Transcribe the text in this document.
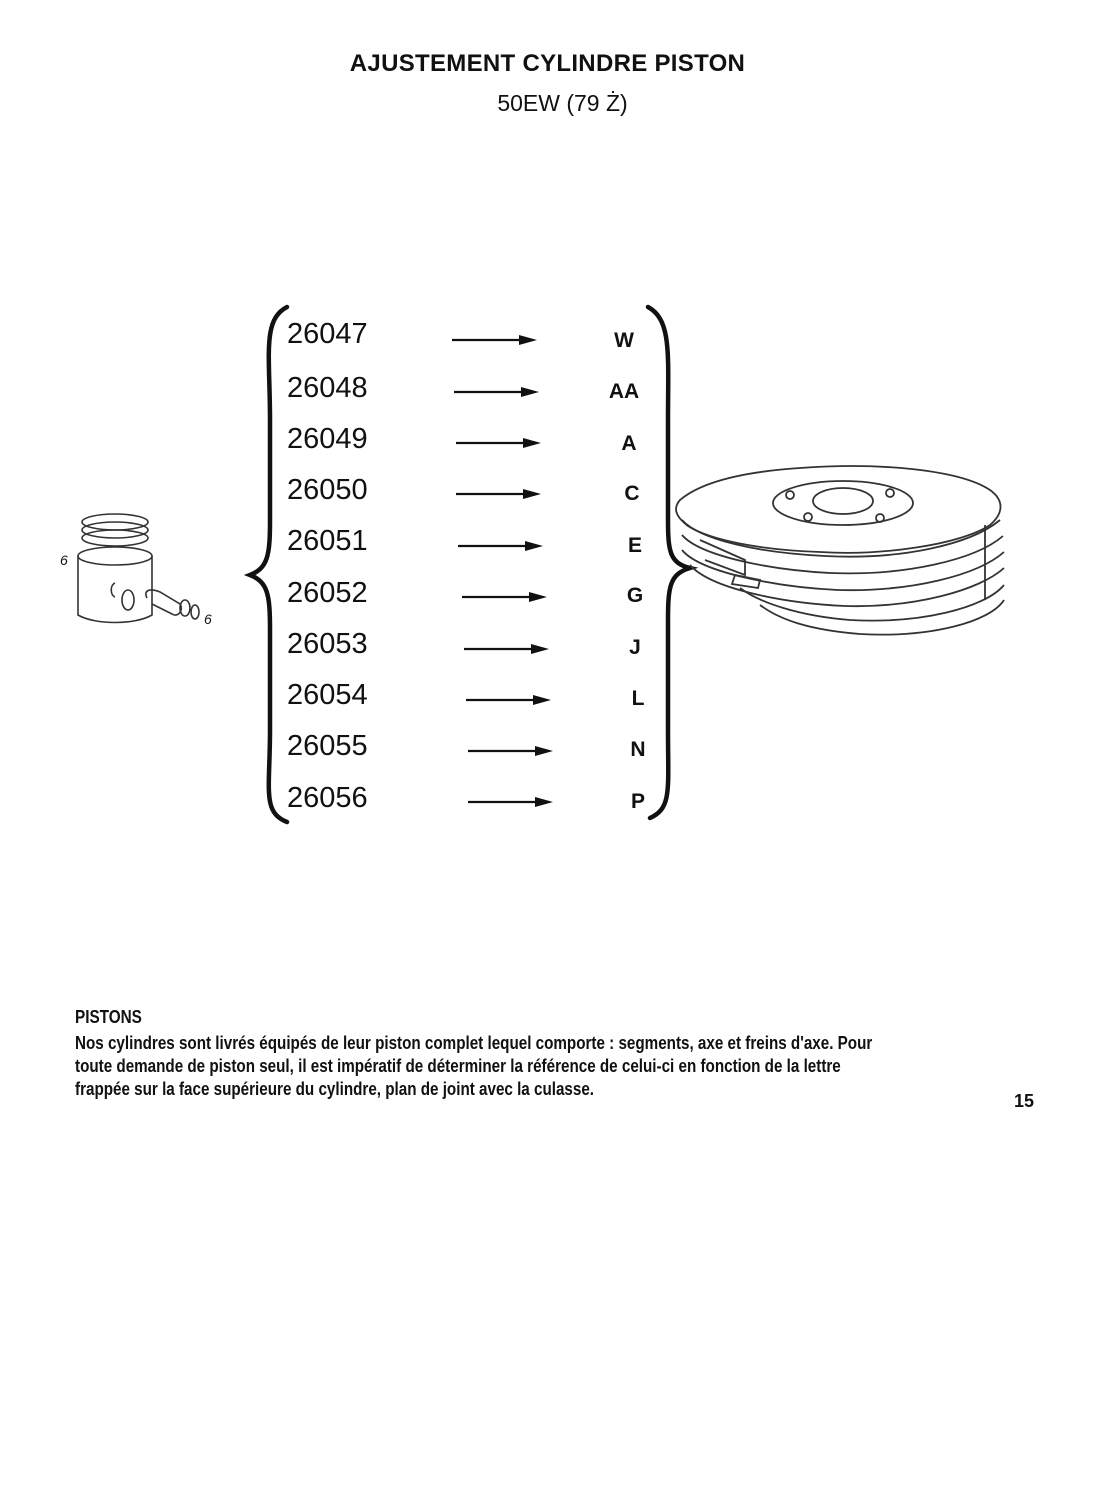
AJUSTEMENT CYLINDRE PISTON
50EW (79 Ż)
6
6
26047
26048
26049
26050
26051
26052
26053
26054
26055
26056
W
AA
A
C
E
G
J
L
N
P
PISTONS
Nos cylindres sont livrés équipés de leur piston complet lequel comporte : segments, axe et freins d'axe. Pour
toute demande de piston seul, il est impératif de déterminer la référence de celui-ci en fonction de la lettre
frappée sur la face supérieure du cylindre, plan de joint avec la culasse.
15
